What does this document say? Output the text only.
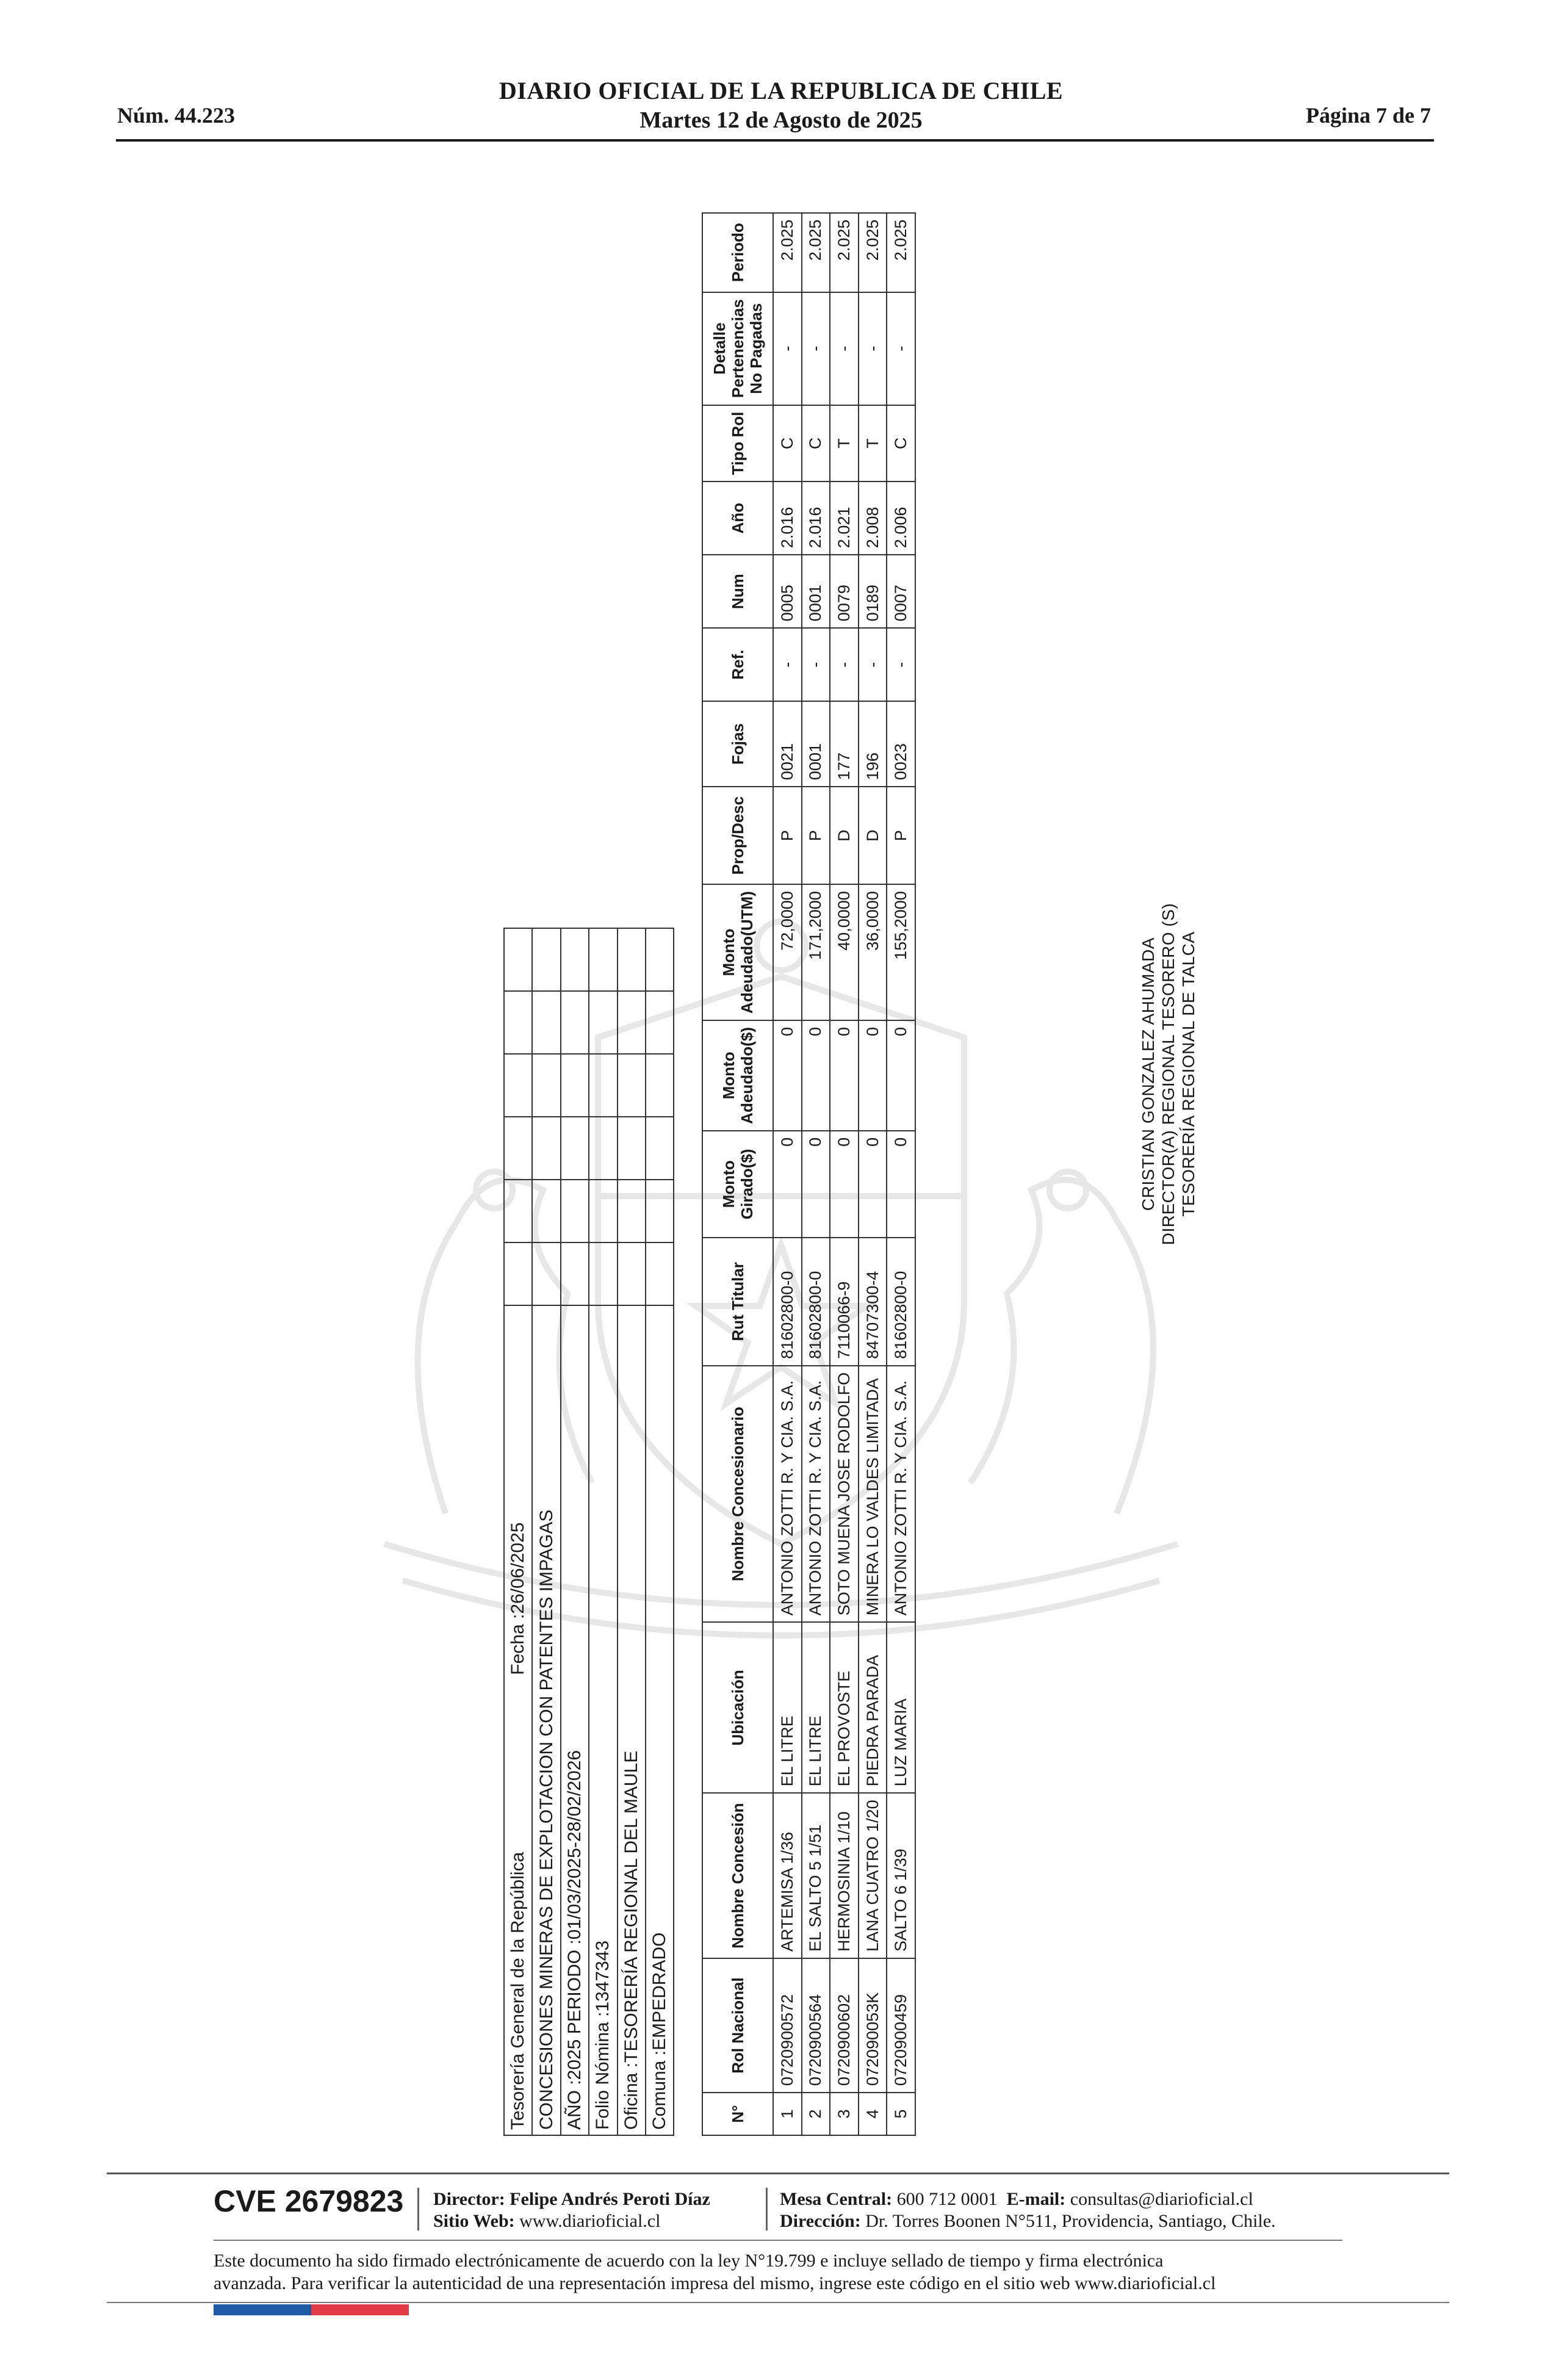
Núm. 44.223
DIARIO OFICIAL DE LA REPUBLICA DE CHILE
Martes 12 de Agosto de 2025	Página 7 de 7
Tesorería General de la RepúblicaFecha :26/06/2025						
CONCESIONES MINERAS DE EXPLOTACION CON PATENTES IMPAGAS						
AÑO :2025 PERIODO :01/03/2025-28/02/2026						
Folio Nómina :1347343						
Oficina :TESORERÍA REGIONAL DEL MAULE						
Comuna :EMPEDRADO							N°	Rol Nacional	Nombre Concesión	Ubicación	Nombre Concesionario	Rut Titular	Monto
Girado($)	Monto
Adeudado($)	Monto
Adeudado(UTM)	Prop/Desc	Fojas	Ref.	Num	Año	Tipo Rol	Detalle
Pertenencias
No Pagadas	Periodo
1	0720900572	ARTEMISA 1/36	EL LITRE	ANTONIO ZOTTI R. Y CIA. S.A.	81602800-0	0	0	72,0000	P	0021	-	0005	2.016	C	-	2.025
2	0720900564	EL SALTO 5 1/51	EL LITRE	ANTONIO ZOTTI R. Y CIA. S.A.	81602800-0	0	0	171,2000	P	0001	-	0001	2.016	C	-	2.025
3	0720900602	HERMOSINIA 1/10	EL PROVOSTE	SOTO MUENA JOSE RODOLFO	7110066-9	0	0	40,0000	D	177	-	0079	2.021	T	-	2.025
4	072090053K	LANA CUATRO 1/20	PIEDRA PARADA	MINERA LO VALDES LIMITADA	84707300-4	0	0	36,0000	D	196	-	0189	2.008	T	-	2.025
5	0720900459	SALTO 6 1/39	LUZ MARIA	ANTONIO ZOTTI R. Y CIA. S.A.	81602800-0	0	0	155,2000	P	0023	-	0007	2.006	C	-	2.025
CRISTIAN GONZALEZ AHUMADA DIRECTOR(A) REGIONAL TESORERO (S) TESORERÍA REGIONAL DE TALCA
CVE 2679823 Director: Felipe Andrés Peroti Díaz
Sitio Web: www.diarioficial.cl
Mesa Central: 600 712 0001 E-mail: consultas@diarioficial.cl
Dirección: Dr. Torres Boonen N°511, Providencia, Santiago, Chile.
Este documento ha sido firmado electrónicamente de acuerdo con la ley N°19.799 e incluye sellado de tiempo y firma electrónica
avanzada. Para verificar la autenticidad de una representación impresa del mismo, ingrese este código en el sitio web www.diarioficial.cl
